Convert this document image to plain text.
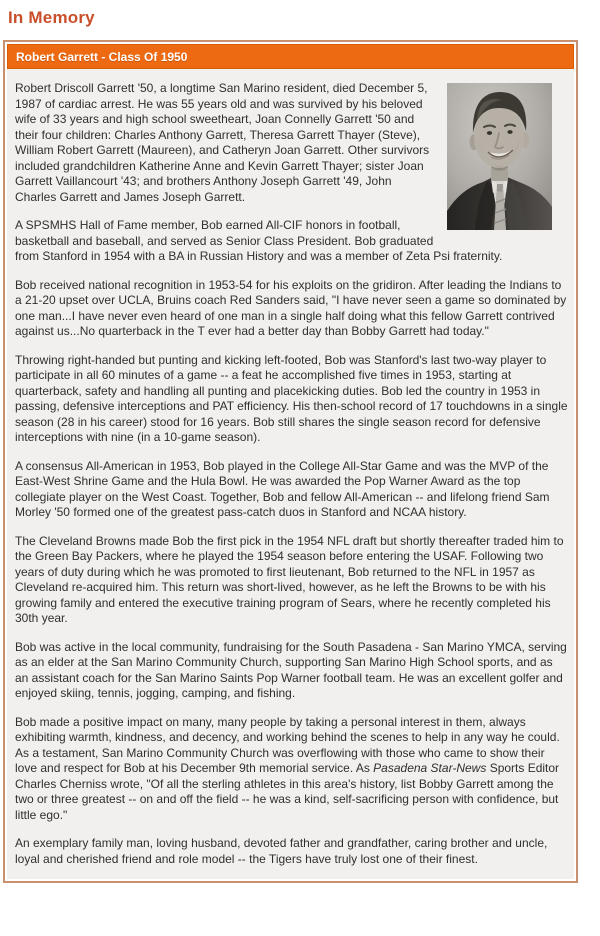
In Memory
Robert Garrett - Class Of 1950

Robert Driscoll Garrett '50, a longtime San Marino resident, died December 5, 1987 of cardiac arrest. He was 55 years old and was survived by his beloved wife of 33 years and high school sweetheart, Joan Connelly Garrett '50 and their four children: Charles Anthony Garrett, Theresa Garrett Thayer (Steve), William Robert Garrett (Maureen), and Catheryn Joan Garrett. Other survivors included grandchildren Katherine Anne and Kevin Garrett Thayer; sister Joan Garrett Vaillancourt '43; and brothers Anthony Joseph Garrett '49, John Charles Garrett and James Joseph Garrett.

A SPSMHS Hall of Fame member, Bob earned All-CIF honors in football, basketball and baseball, and served as Senior Class President. Bob graduated from Stanford in 1954 with a BA in Russian History and was a member of Zeta Psi fraternity.

Bob received national recognition in 1953-54 for his exploits on the gridiron. After leading the Indians to a 21-20 upset over UCLA, Bruins coach Red Sanders said, "I have never seen a game so dominated by one man...I have never even heard of one man in a single half doing what this fellow Garrett contrived against us...No quarterback in the T ever had a better day than Bobby Garrett had today."

Throwing right-handed but punting and kicking left-footed, Bob was Stanford's last two-way player to participate in all 60 minutes of a game -- a feat he accomplished five times in 1953, starting at quarterback, safety and handling all punting and placekicking duties. Bob led the country in 1953 in passing, defensive interceptions and PAT efficiency. His then-school record of 17 touchdowns in a single season (28 in his career) stood for 16 years. Bob still shares the single season record for defensive interceptions with nine (in a 10-game season).

A consensus All-American in 1953, Bob played in the College All-Star Game and was the MVP of the East-West Shrine Game and the Hula Bowl. He was awarded the Pop Warner Award as the top collegiate player on the West Coast. Together, Bob and fellow All-American -- and lifelong friend Sam Morley '50 formed one of the greatest pass-catch duos in Stanford and NCAA history.

The Cleveland Browns made Bob the first pick in the 1954 NFL draft but shortly thereafter traded him to the Green Bay Packers, where he played the 1954 season before entering the USAF. Following two years of duty during which he was promoted to first lieutenant, Bob returned to the NFL in 1957 as Cleveland re-acquired him. This return was short-lived, however, as he left the Browns to be with his growing family and entered the executive training program of Sears, where he recently completed his 30th year.

Bob was active in the local community, fundraising for the South Pasadena - San Marino YMCA, serving as an elder at the San Marino Community Church, supporting San Marino High School sports, and as an assistant coach for the San Marino Saints Pop Warner football team. He was an excellent golfer and enjoyed skiing, tennis, jogging, camping, and fishing.

Bob made a positive impact on many, many people by taking a personal interest in them, always exhibiting warmth, kindness, and decency, and working behind the scenes to help in any way he could. As a testament, San Marino Community Church was overflowing with those who came to show their love and respect for Bob at his December 9th memorial service. As Pasadena Star-News Sports Editor Charles Cherniss wrote, "Of all the sterling athletes in this area's history, list Bobby Garrett among the two or three greatest -- on and off the field -- he was a kind, self-sacrificing person with confidence, but little ego."

An exemplary family man, loving husband, devoted father and grandfather, caring brother and uncle, loyal and cherished friend and role model -- the Tigers have truly lost one of their finest.
